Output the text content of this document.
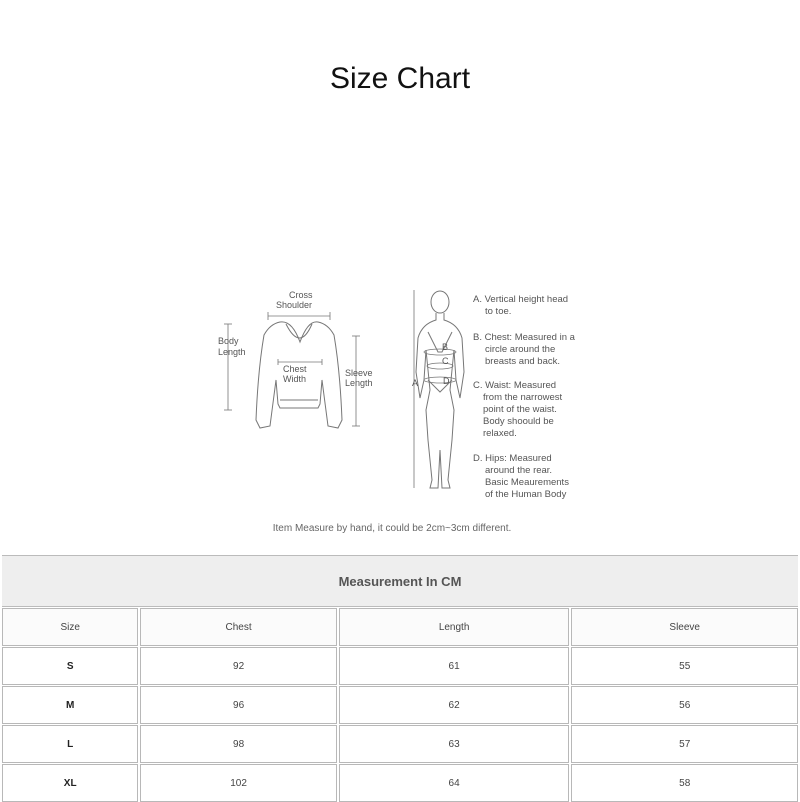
Size Chart
Cross
Shoulder
Body
Length
Chest
Width
Sleeve
Length
B
C
D
A
A. Vertical height head
to toe.
B. Chest: Measured in a
circle around the
breasts and back.
C. Waist: Measured
from the narrowest
point of the waist.
Body shoould be
relaxed.
D. Hips: Measured
around the rear.
Basic Meaurements
of the Human Body
Item Measure by hand, it could be 2cm~3cm different.
Measurement In CM			

Size	Chest	Length	Sleeve

S	92	61	55

M	96	62	56

L	98	63	57

XL	102	64	58
